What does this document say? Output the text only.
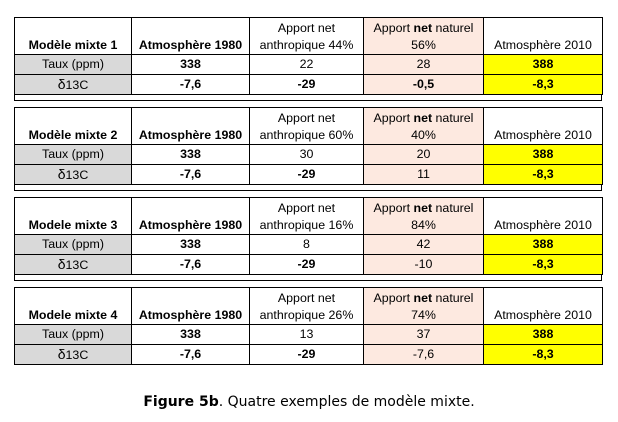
Modèle mixte 1	Atmosphère 1980	Apport net anthropique 44%	Apport net naturel 56%	Atmosphère 2010
Taux (ppm)	338	22	28	388
δ13C	-7,6	-29	-0,5	-8,3
Modèle mixte 2	Atmosphère 1980	Apport net anthropique 60%	Apport net naturel 40%	Atmosphère 2010
Taux (ppm)	338	30	20	388
δ13C	-7,6	-29	11	-8,3
Modele mixte 3	Atmosphère 1980	Apport net anthropique 16%	Apport net naturel 84%	Atmosphère 2010
Taux (ppm)	338	8	42	388
δ13C	-7,6	-29	-10	-8,3
Modele mixte 4	Atmosphère 1980	Apport net anthropique 26%	Apport net naturel 74%	Atmosphère 2010
Taux (ppm)	338	13	37	388
δ13C	-7,6	-29	-7,6	-8,3
Figure 5b. Quatre exemples de modèle mixte.
